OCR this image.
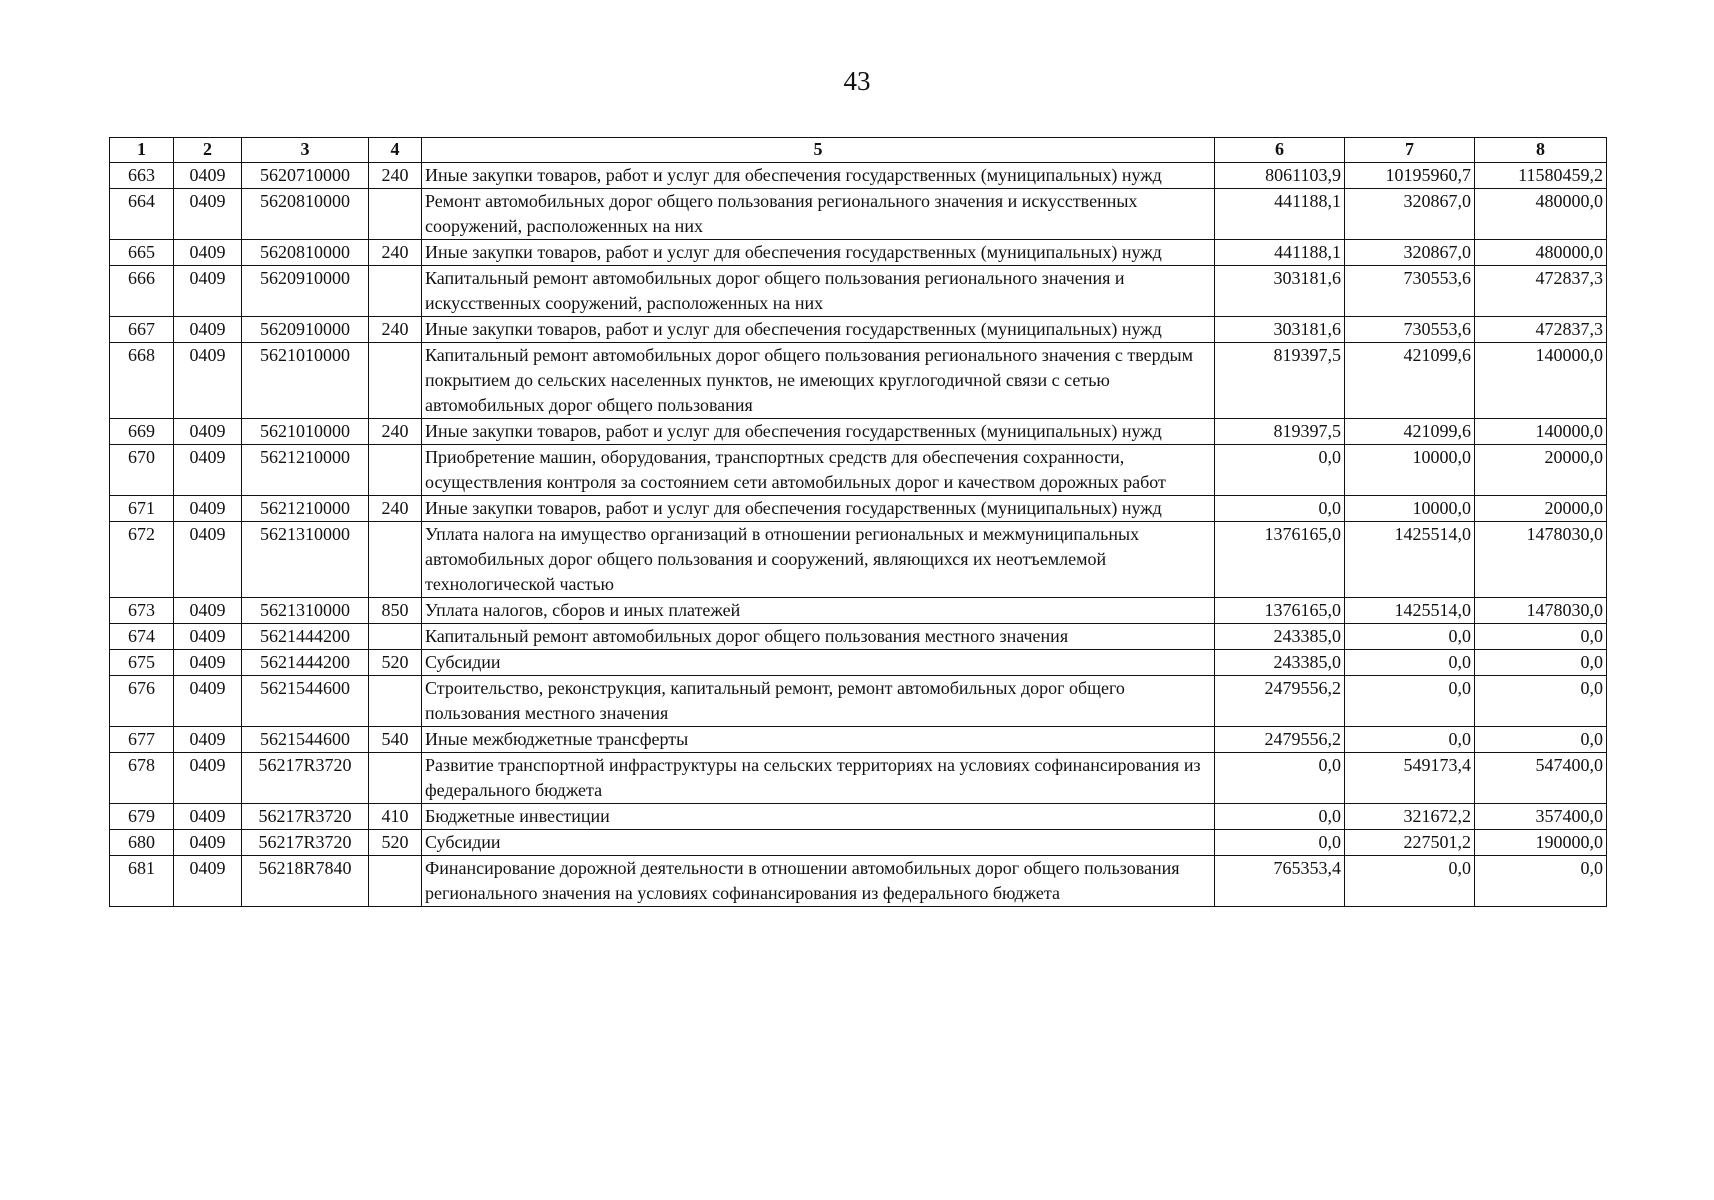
43
1	2	3	4	5	6	7	8
663	0409	5620710000	240	Иные закупки товаров, работ и услуг для обеспечения государственных (муниципальных) нужд	8061103,9	10195960,7	11580459,2
664	0409	5620810000		Ремонт автомобильных дорог общего пользования регионального значения и искусственных сооружений, расположенных на них	441188,1	320867,0	480000,0
665	0409	5620810000	240	Иные закупки товаров, работ и услуг для обеспечения государственных (муниципальных) нужд	441188,1	320867,0	480000,0
666	0409	5620910000		Капитальный ремонт автомобильных дорог общего пользования регионального значения и искусственных сооружений, расположенных на них	303181,6	730553,6	472837,3
667	0409	5620910000	240	Иные закупки товаров, работ и услуг для обеспечения государственных (муниципальных) нужд	303181,6	730553,6	472837,3
668	0409	5621010000		Капитальный ремонт автомобильных дорог общего пользования регионального значения с твердым покрытием до сельских населенных пунктов, не имеющих круглогодичной связи с сетью автомобильных дорог общего пользования	819397,5	421099,6	140000,0
669	0409	5621010000	240	Иные закупки товаров, работ и услуг для обеспечения государственных (муниципальных) нужд	819397,5	421099,6	140000,0
670	0409	5621210000		Приобретение машин, оборудования, транспортных средств для обеспечения сохранности, осуществления контроля за состоянием сети автомобильных дорог и качеством дорожных работ	0,0	10000,0	20000,0
671	0409	5621210000	240	Иные закупки товаров, работ и услуг для обеспечения государственных (муниципальных) нужд	0,0	10000,0	20000,0
672	0409	5621310000		Уплата налога на имущество организаций в отношении региональных и межмуниципальных автомобильных дорог общего пользования и сооружений, являющихся их неотъемлемой технологической частью	1376165,0	1425514,0	1478030,0
673	0409	5621310000	850	Уплата налогов, сборов и иных платежей	1376165,0	1425514,0	1478030,0
674	0409	5621444200		Капитальный ремонт автомобильных дорог общего пользования местного значения	243385,0	0,0	0,0
675	0409	5621444200	520	Субсидии	243385,0	0,0	0,0
676	0409	5621544600		Строительство, реконструкция, капитальный ремонт, ремонт автомобильных дорог общего пользования местного значения	2479556,2	0,0	0,0
677	0409	5621544600	540	Иные межбюджетные трансферты	2479556,2	0,0	0,0
678	0409	56217R3720		Развитие транспортной инфраструктуры на сельских территориях на условиях софинансирования из федерального бюджета	0,0	549173,4	547400,0
679	0409	56217R3720	410	Бюджетные инвестиции	0,0	321672,2	357400,0
680	0409	56217R3720	520	Субсидии	0,0	227501,2	190000,0
681	0409	56218R7840		Финансирование дорожной деятельности в отношении автомобильных дорог общего пользования регионального значения на условиях софинансирования из федерального бюджета	765353,4	0,0	0,0
